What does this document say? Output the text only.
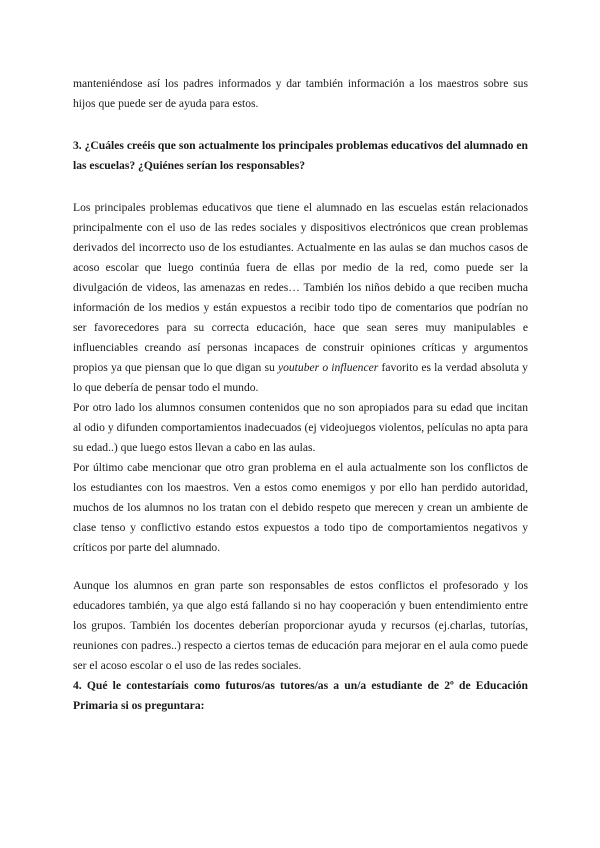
manteniéndose así los padres informados y dar también información a los maestros sobre sus hijos que puede ser de ayuda para estos.

3. ¿Cuáles creéis que son actualmente los principales problemas educativos del alumnado en las escuelas? ¿Quiénes serían los responsables?

Los principales problemas educativos que tiene el alumnado en las escuelas están relacionados principalmente con el uso de las redes sociales y dispositivos electrónicos que crean problemas derivados del incorrecto uso de los estudiantes. Actualmente en las aulas se dan muchos casos de acoso escolar que luego continúa fuera de ellas por medio de la red, como puede ser la divulgación de videos, las amenazas en redes… También los niños debido a que reciben mucha información de los medios y están expuestos a recibir todo tipo de comentarios que podrían no ser favorecedores para su correcta educación, hace que sean seres muy manipulables e influenciables creando así personas incapaces de construir opiniones críticas y argumentos propios ya que piensan que lo que digan su youtuber o influencer favorito es la verdad absoluta y lo que debería de pensar todo el mundo.

Por otro lado los alumnos consumen contenidos que no son apropiados para su edad que incitan al odio y difunden comportamientos inadecuados (ej videojuegos violentos, películas no apta para su edad..) que luego estos llevan a cabo en las aulas.

Por último cabe mencionar que otro gran problema en el aula actualmente son los conflictos de los estudiantes con los maestros. Ven a estos como enemigos y por ello han perdido autoridad, muchos de los alumnos no los tratan con el debido respeto que merecen y crean un ambiente de clase tenso y conflictivo estando estos expuestos a todo tipo de comportamientos negativos y críticos por parte del alumnado.

Aunque los alumnos en gran parte son responsables de estos conflictos el profesorado y los educadores también, ya que algo está fallando si no hay cooperación y buen entendimiento entre los grupos. También los docentes deberían proporcionar ayuda y recursos (ej.charlas, tutorías, reuniones con padres..) respecto a ciertos temas de educación para mejorar en el aula como puede ser el acoso escolar o el uso de las redes sociales.

4. Qué le contestaríais como futuros/as tutores/as a un/a estudiante de 2º de Educación Primaria si os preguntara:
